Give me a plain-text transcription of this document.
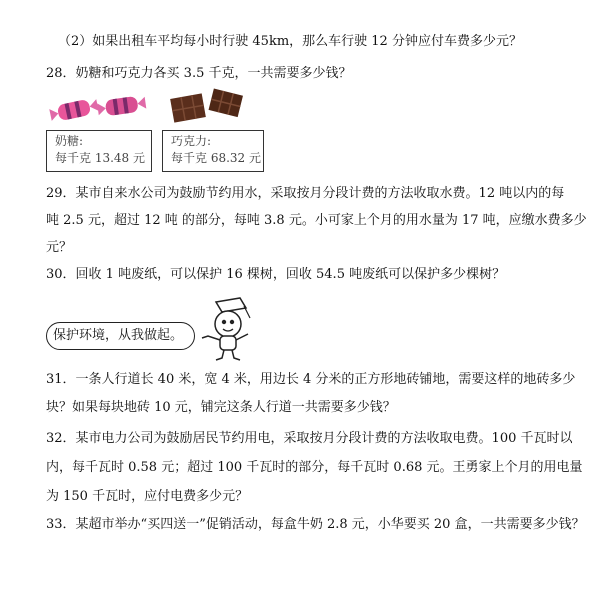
（2）如果出租车平均每小时行驶 45km，那么车行驶 12 分钟应付车费多少元？
28．奶糖和巧克力各买 3.5 千克，一共需要多少钱？
奶糖:
每千克 13.48 元
巧克力:
每千克 68.32 元
29．某市自来水公司为鼓励节约用水，采取按月分段计费的方法收取水费。12 吨以内的每
吨 2.5 元，超过 12 吨 的部分，每吨 3.8 元。小可家上个月的用水量为 17 吨，应缴水费多少
元？
30．回收 1 吨废纸，可以保护 16 棵树，回收 54.5 吨废纸可以保护多少棵树？
保护环境，从我做起。
31．一条人行道长 40 米，宽 4 米，用边长 4 分米的正方形地砖铺地，需要这样的地砖多少
块？如果每块地砖 10 元，铺完这条人行道一共需要多少钱？
32．某市电力公司为鼓励居民节约用电，采取按月分段计费的方法收取电费。100 千瓦时以
内，每千瓦时 0.58 元；超过 100 千瓦时的部分，每千瓦时 0.68 元。王勇家上个月的用电量
为 150 千瓦时，应付电费多少元？
33．某超市举办“买四送一”促销活动，每盒牛奶 2.8 元，小华要买 20 盒，一共需要多少钱？
